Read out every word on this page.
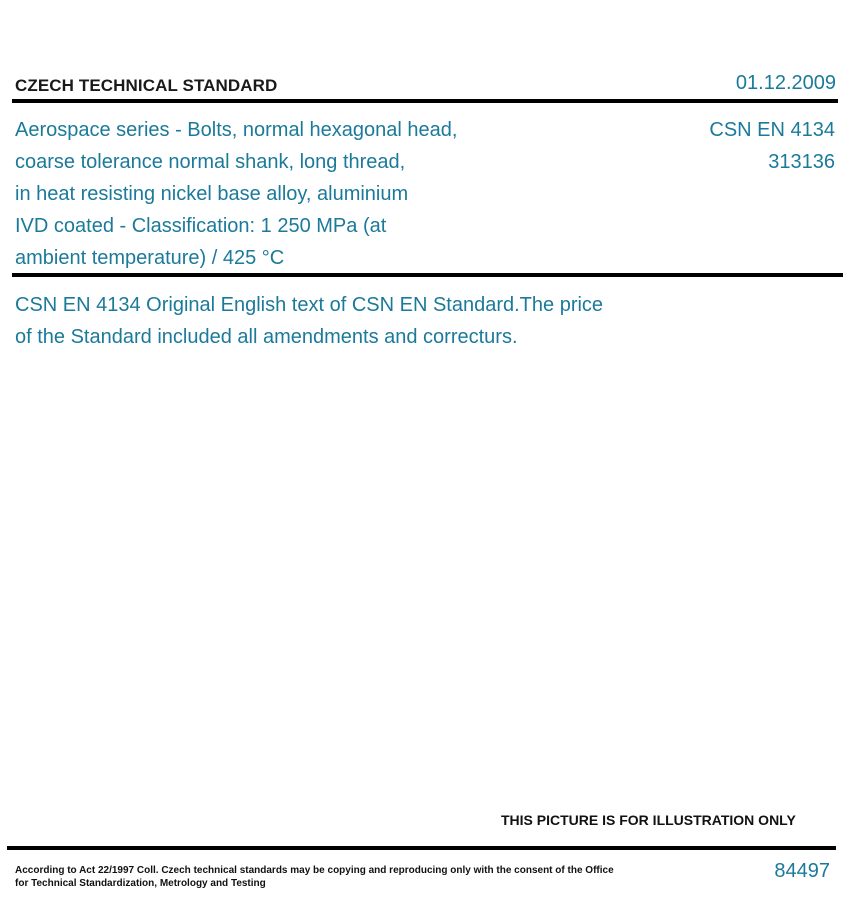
CZECH TECHNICAL STANDARD	01.12.2009
Aerospace series - Bolts, normal hexagonal head,
coarse tolerance normal shank, long thread,
in heat resisting nickel base alloy, aluminium
IVD coated - Classification: 1 250 MPa (at
ambient temperature) / 425 °C
CSN EN 4134
313136
CSN EN 4134 Original English text of CSN EN Standard.The price
of the Standard included all amendments and correcturs.
THIS PICTURE IS FOR ILLUSTRATION ONLY
According to Act 22/1997 Coll. Czech technical standards may be copying and reproducing only with the consent of the Office
for Technical Standardization, Metrology and Testing
84497
